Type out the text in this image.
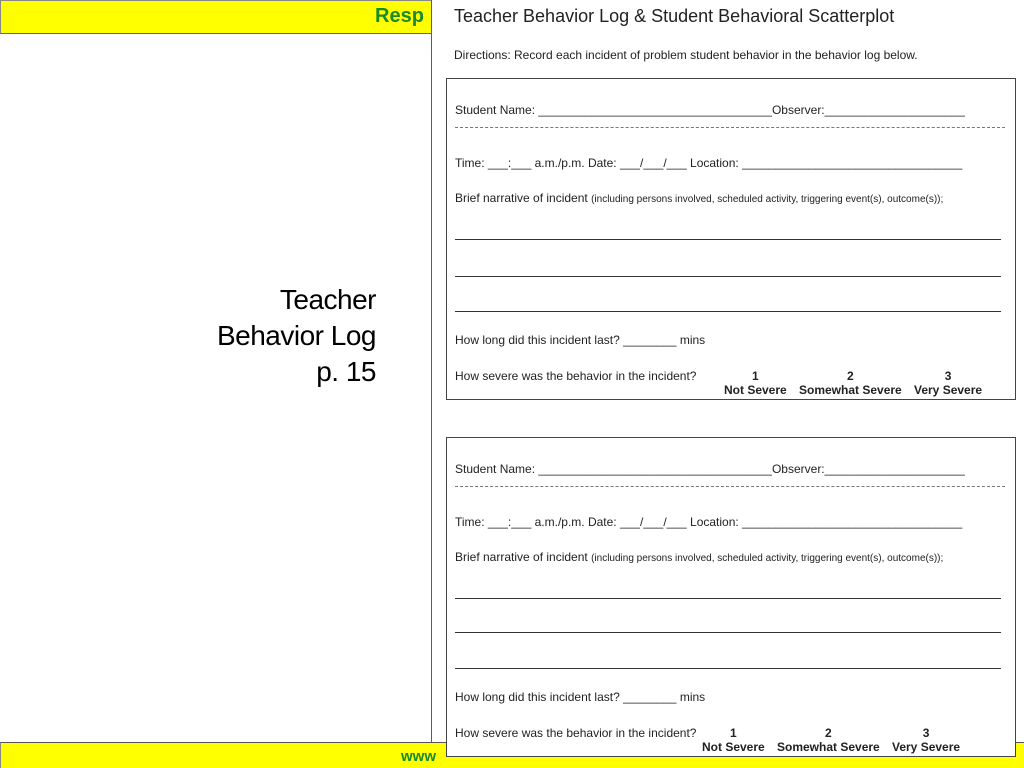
Resp
Teacher
Behavior Log
p. 15
www
Teacher Behavior Log & Student Behavioral Scatterplot
Directions: Record each incident of problem student behavior in the behavior log below.
Student Name: ___________________________________Observer:_____________________
Time: ___:___ a.m./p.m. Date: ___/___/___ Location: _________________________________
Brief narrative of incident (including persons involved, scheduled activity, triggering event(s), outcome(s));
How long did this incident last? ________ mins
How severe was the behavior in the incident?	1
Not Severe
2
Somewhat Severe
3
Very Severe
Student Name: ___________________________________Observer:_____________________
Time: ___:___ a.m./p.m. Date: ___/___/___ Location: _________________________________
Brief narrative of incident (including persons involved, scheduled activity, triggering event(s), outcome(s));
How long did this incident last? ________ mins
How severe was the behavior in the incident?	1
Not Severe
2
Somewhat Severe
3
Very Severe
